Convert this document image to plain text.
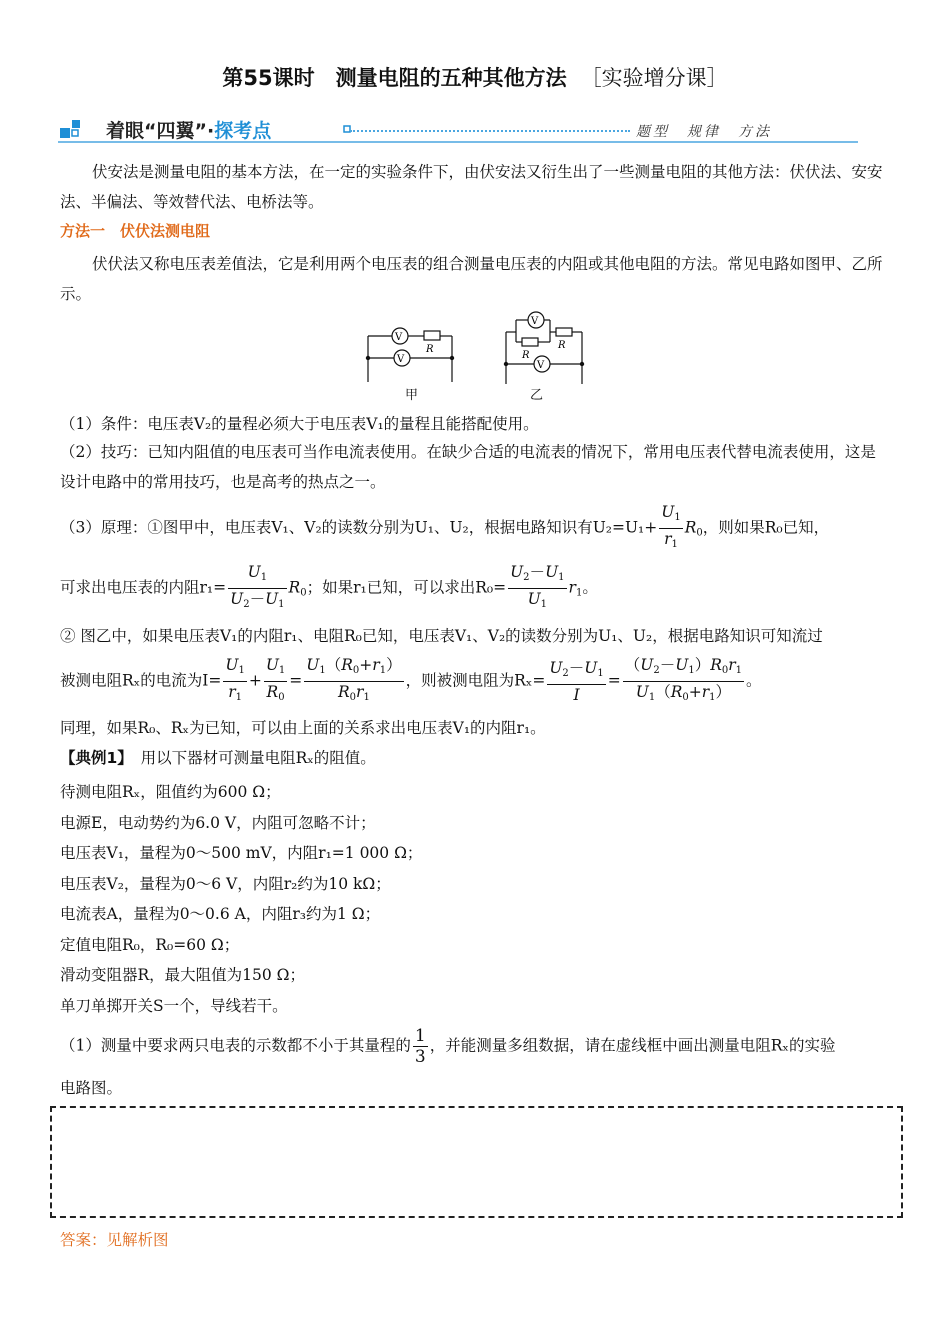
第55课时　测量电阻的五种其他方法 ［实验增分课］
着眼“四翼”·探考点	题型　规律　方法
伏安法是测量电阻的基本方法，在一定的实验条件下，由伏安法又衍生出了一些测量电阻的其他方法：伏伏法、安安法、半偏法、等效替代法、电桥法等。
方法一　伏伏法测电阻
伏伏法又称电压表差值法，它是利用两个电压表的组合测量电压表的内阻或其他电阻的方法。常见电路如图甲、乙所示。
V
V
R
甲
V
V
R
R
乙
（1）条件：电压表V₂的量程必须大于电压表V₁的量程且能搭配使用。
（2）技巧：已知内阻值的电压表可当作电流表使用。在缺少合适的电流表的情况下，常用电压表代替电流表使用，这是设计电路中的常用技巧，也是高考的热点之一。
（3）原理：①图甲中，电压表V₁、V₂的读数分别为U₁、U₂，根据电路知识有$U_2=U_1+ \frac{U_1}{r_1} R_0$，则如果R₀已知，
可求出电压表的内阻$r_1= \frac{U_1}{U_2-U_1} R_0$；如果r₁已知，可以求出$R_0= \frac{U_2-U_1}{U_1} r_1$。
② 图乙中，如果电压表V₁的内阻r₁、电阻R₀已知，电压表V₁、V₂的读数分别为U₁、U₂，根据电路知识可知流过
被测电阻Rₓ的电流为$I= \frac{U_1}{r_1} + \frac{U_1}{R_0} = \frac{U_1(R_0+r_1)}{R_0r_1}$ ，则被测电阻为$R_x= \frac{U_2-U_1}{I} = \frac{(U_2-U_1)R_0r_1}{U_1(R_0+r_1)}$ 。
同理，如果R₀、Rₓ为已知，可以由上面的关系求出电压表V₁的内阻r₁。
【典例1】　 用以下器材可测量电阻Rₓ的阻值。
待测电阻Rₓ，阻值约为600 Ω；
电源E，电动势约为6.0 V，内阻可忽略不计；
电压表V₁，量程为0～500 mV，内阻r₁=1 000 Ω；
电压表V₂，量程为0～6 V，内阻r₂约为10 kΩ；
电流表A，量程为0～0.6 A，内阻r₃约为1 Ω；
定值电阻R₀，R₀=60 Ω；
滑动变阻器R，最大阻值为150 Ω；
单刀单掷开关S一个，导线若干。
（1）测量中要求两只电表的示数都不小于其量程的 $\frac{1}{3}$ ，并能测量多组数据，请在虚线框中画出测量电阻Rₓ的实验
电路图。
答案：见解析图
